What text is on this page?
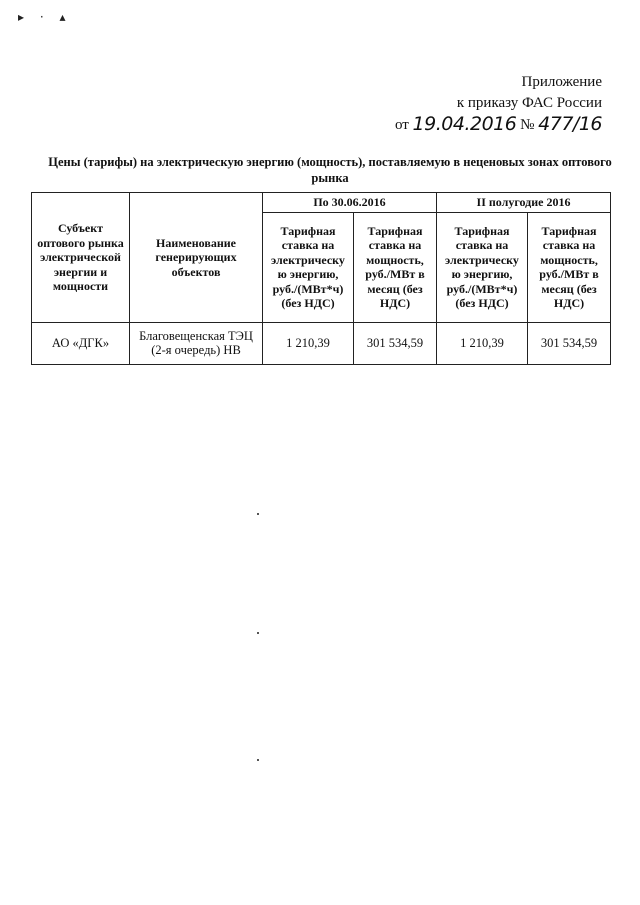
▸ · ▴
Приложение
к приказу ФАС России
от 19.04.2016 № 477/16
Цены (тарифы) на электрическую энергию (мощность), поставляемую в неценовых зонах оптового рынка
Субъект оптового рынка электрической энергии и мощности	Наименование генерирующих объектов	По 30.06.2016		II полугодие 2016	
		Тарифная ставка на электрическу ю энергию, руб./(МВт*ч) (без НДС)	Тарифная ставка на мощность, руб./МВт в месяц (без НДС)	Тарифная ставка на электрическу ю энергию, руб./(МВт*ч) (без НДС)	Тарифная ставка на мощность, руб./МВт в месяц (без НДС)
АО «ДГК»	Благовещенская ТЭЦ (2-я очередь) НВ	1 210,39	301 534,59	1 210,39	301 534,59
